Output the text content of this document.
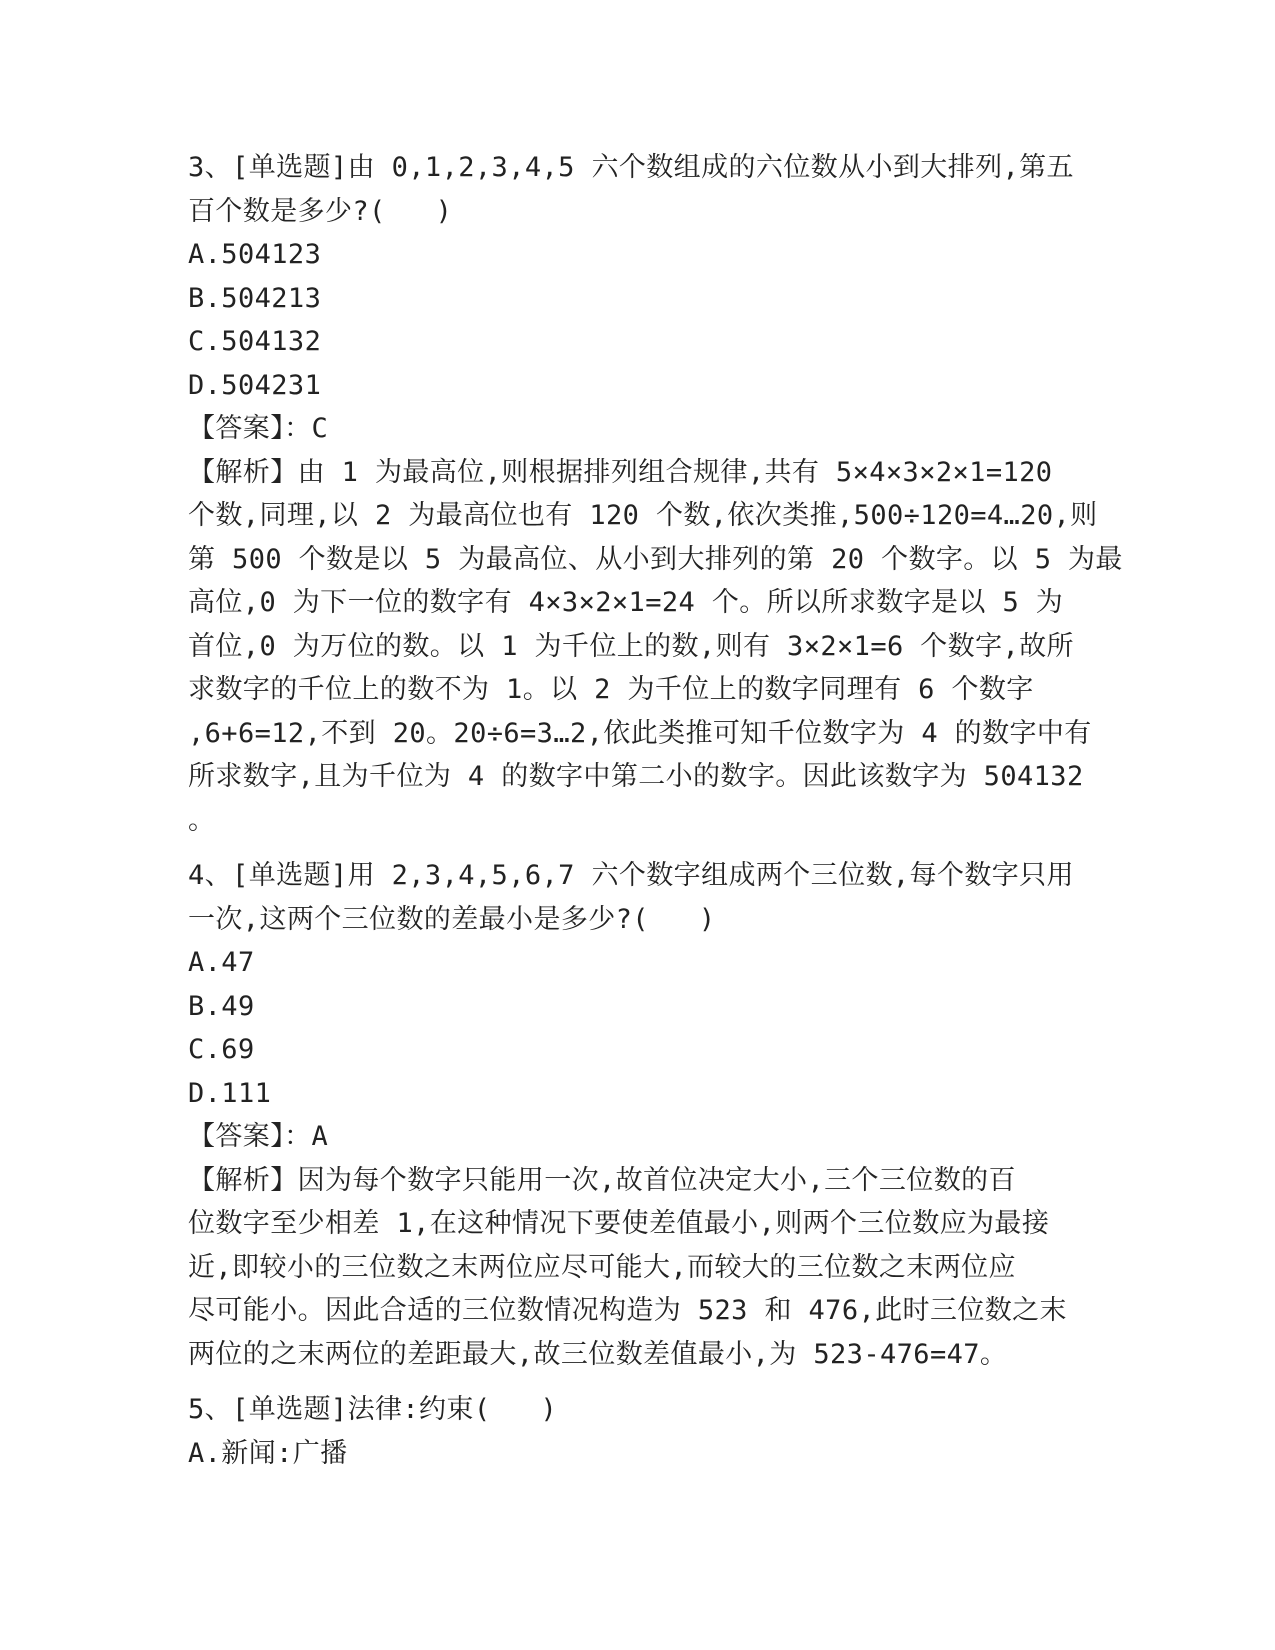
3、[单选题]由 0,1,2,3,4,5 六个数组成的六位数从小到大排列,第五
百个数是多少?(   )
A.504123
B.504213
C.504132
D.504231
【答案】：C
【解析】由 1 为最高位,则根据排列组合规律,共有 5×4×3×2×1=120
个数,同理,以 2 为最高位也有 120 个数,依次类推,500÷120=4…20,则
第 500 个数是以 5 为最高位、从小到大排列的第 20 个数字。以 5 为最
高位,0 为下一位的数字有 4×3×2×1=24 个。所以所求数字是以 5 为
首位,0 为万位的数。以 1 为千位上的数,则有 3×2×1=6 个数字,故所
求数字的千位上的数不为 1。以 2 为千位上的数字同理有 6 个数字
,6+6=12,不到 20。20÷6=3…2,依此类推可知千位数字为 4 的数字中有
所求数字,且为千位为 4 的数字中第二小的数字。因此该数字为 504132
。
4、[单选题]用 2,3,4,5,6,7 六个数字组成两个三位数,每个数字只用
一次,这两个三位数的差最小是多少?(   )
A.47
B.49
C.69
D.111
【答案】：A
【解析】因为每个数字只能用一次,故首位决定大小,三个三位数的百
位数字至少相差 1,在这种情况下要使差值最小,则两个三位数应为最接
近,即较小的三位数之末两位应尽可能大,而较大的三位数之末两位应
尽可能小。因此合适的三位数情况构造为 523 和 476,此时三位数之末
两位的之末两位的差距最大,故三位数差值最小,为 523-476=47。
5、[单选题]法律:约束(   )
A.新闻:广播
